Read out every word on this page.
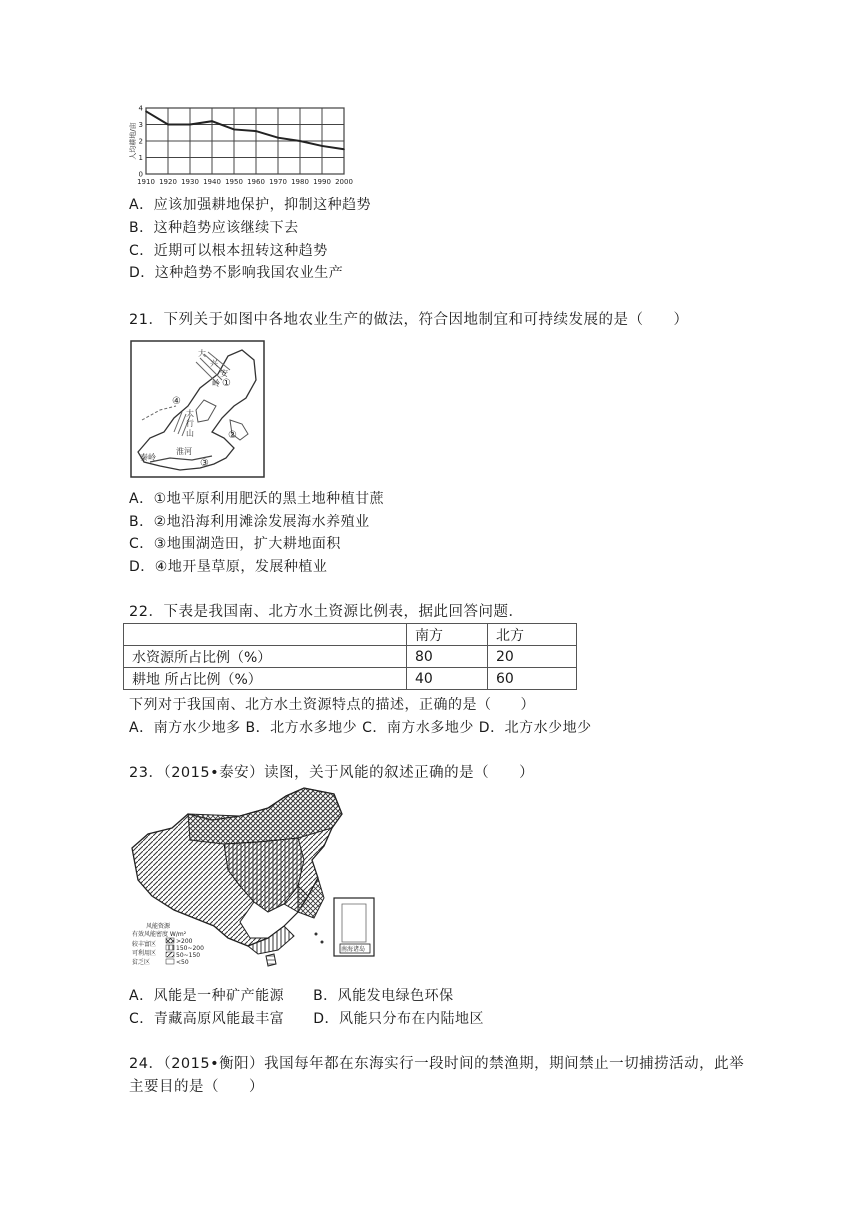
1910 1920 1930 1940 1950 1960 1970 1980 1990 2000
0
1
2
3
4
人均耕地/亩
A．应该加强耕地保护，抑制这种趋势
B．这种趋势应该继续下去
C．近期可以根本扭转这种趋势
D．这种趋势不影响我国农业生产
21．下列关于如图中各地农业生产的做法，符合因地制宜和可持续发展的是（　　）
大
兴
安
岭
太
行
山
秦岭
淮河
①
②
③
④
A．①地平原利用肥沃的黑土地种植甘蔗
B．②地沿海利用滩涂发展海水养殖业
C．③地围湖造田，扩大耕地面积
D．④地开垦草原，发展种植业
22．下表是我国南、北方水土资源比例表，据此回答问题．
	南方	北方
水资源所占比例（%）	80	20
耕地 所占比例（%）	40	60
下列对于我国南、北方水土资源特点的描述，正确的是（　　）
A．南方水少地多 B．北方水多地少 C．南方水多地少 D．北方水少地少
23．（2015•泰安）读图，关于风能的叙述正确的是（　　）
南海诸岛
风能资源
有效风能密度 W/m²
较丰富区
可利用区
贫乏区
>200
150~200
50~150
<50
A．风能是一种矿产能源　　B．风能发电绿色环保
C．青藏高原风能最丰富　　D．风能只分布在内陆地区
24．（2015•衡阳）我国每年都在东海实行一段时间的禁渔期，期间禁止一切捕捞活动，此举
主要目的是（　　）
